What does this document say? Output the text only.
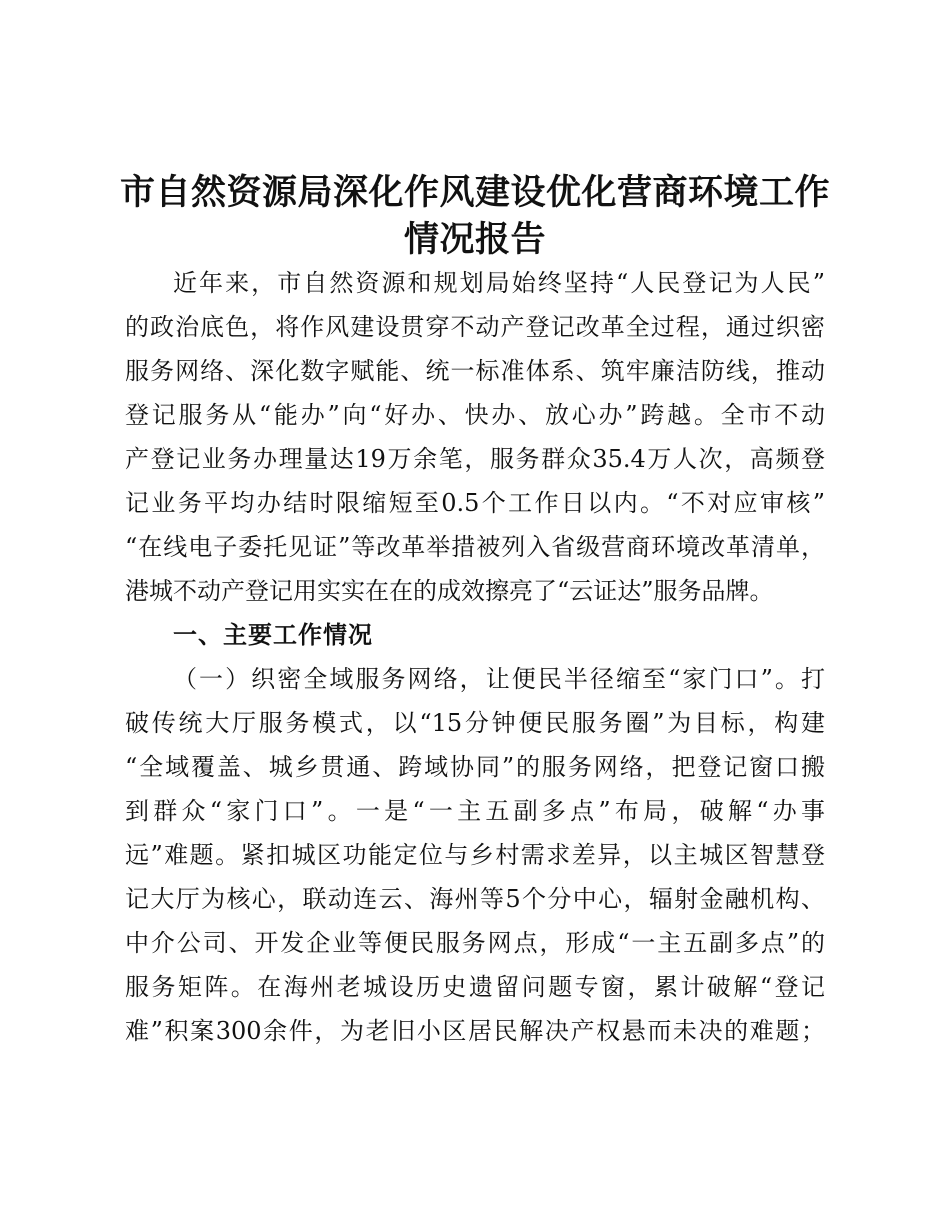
市自然资源局深化作风建设优化营商环境工作
情况报告

近年来，市自然资源和规划局始终坚持“人民登记为人民”

的政治底色，将作风建设贯穿不动产登记改革全过程，通过织密

服务网络、深化数字赋能、统一标准体系、筑牢廉洁防线，推动

登记服务从“能办”向“好办、快办、放心办”跨越。全市不动

产登记业务办理量达19万余笔，服务群众35.4万人次，高频登

记业务平均办结时限缩短至0.5个工作日以内。“不对应审核”

“在线电子委托见证”等改革举措被列入省级营商环境改革清单，

港城不动产登记用实实在在的成效擦亮了“云证达”服务品牌。

一、主要工作情况

（一）织密全域服务网络，让便民半径缩至“家门口”。打

破传统大厅服务模式，以“15分钟便民服务圈”为目标，构建

“全域覆盖、城乡贯通、跨域协同”的服务网络，把登记窗口搬

到群众“家门口”。一是“一主五副多点”布局，破解“办事

远”难题。紧扣城区功能定位与乡村需求差异，以主城区智慧登

记大厅为核心，联动连云、海州等5个分中心，辐射金融机构、

中介公司、开发企业等便民服务网点，形成“一主五副多点”的

服务矩阵。在海州老城设历史遗留问题专窗，累计破解“登记

难”积案300余件，为老旧小区居民解决产权悬而未决的难题；
